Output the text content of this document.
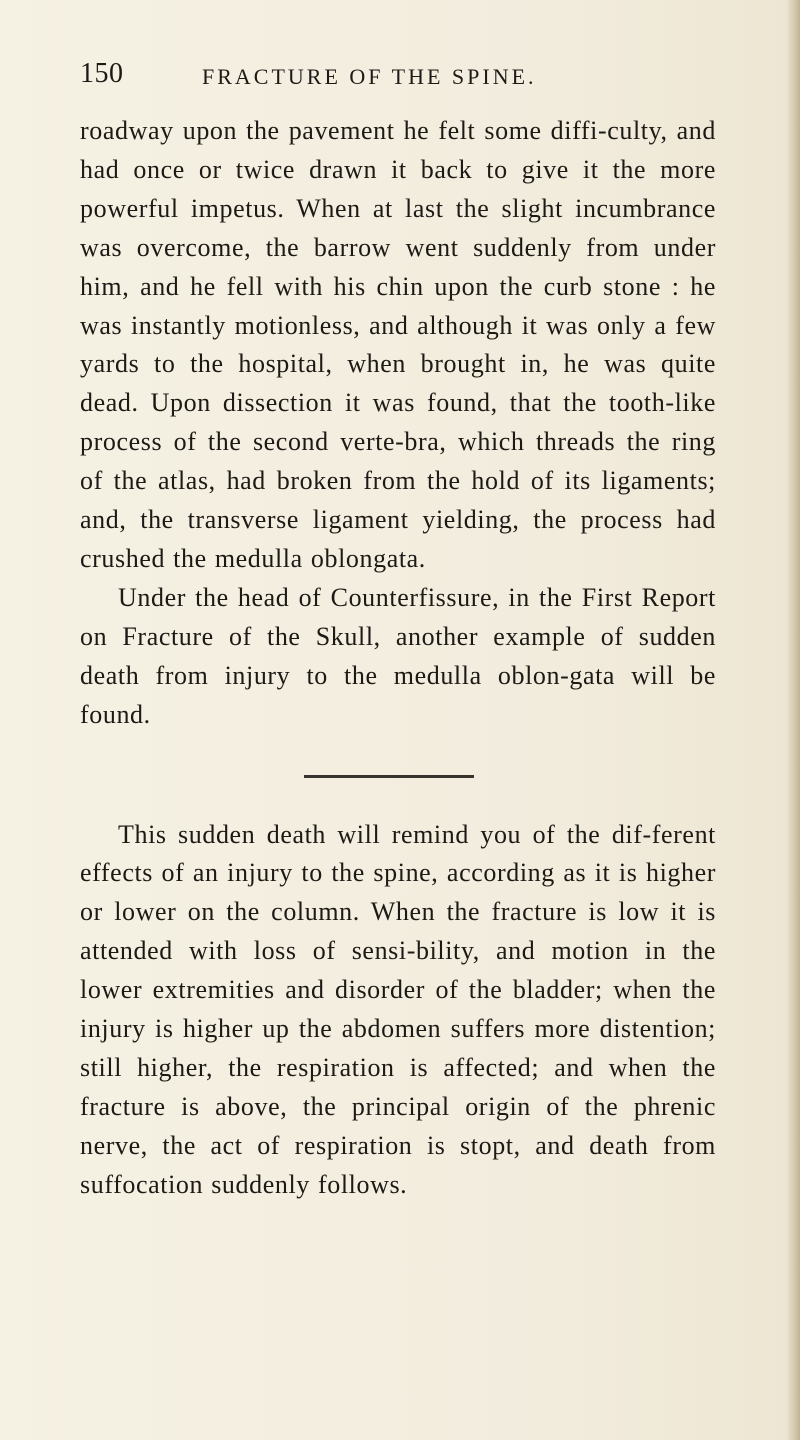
150	FRACTURE OF THE SPINE.

roadway upon the pavement he felt some diffi-culty, and had once or twice drawn it back to give it the more powerful impetus. When at last the slight incumbrance was overcome, the barrow went suddenly from under him, and he fell with his chin upon the curb stone : he was instantly motionless, and although it was only a few yards to the hospital, when brought in, he was quite dead. Upon dissection it was found, that the tooth-like process of the second verte-bra, which threads the ring of the atlas, had broken from the hold of its ligaments; and, the transverse ligament yielding, the process had crushed the medulla oblongata.

Under the head of Counterfissure, in the First Report on Fracture of the Skull, another example of sudden death from injury to the medulla oblon-gata will be found.

This sudden death will remind you of the dif-ferent effects of an injury to the spine, according as it is higher or lower on the column. When the fracture is low it is attended with loss of sensi-bility, and motion in the lower extremities and disorder of the bladder; when the injury is higher up the abdomen suffers more distention; still higher, the respiration is affected; and when the fracture is above, the principal origin of the phrenic nerve, the act of respiration is stopt, and death from suffocation suddenly follows.
